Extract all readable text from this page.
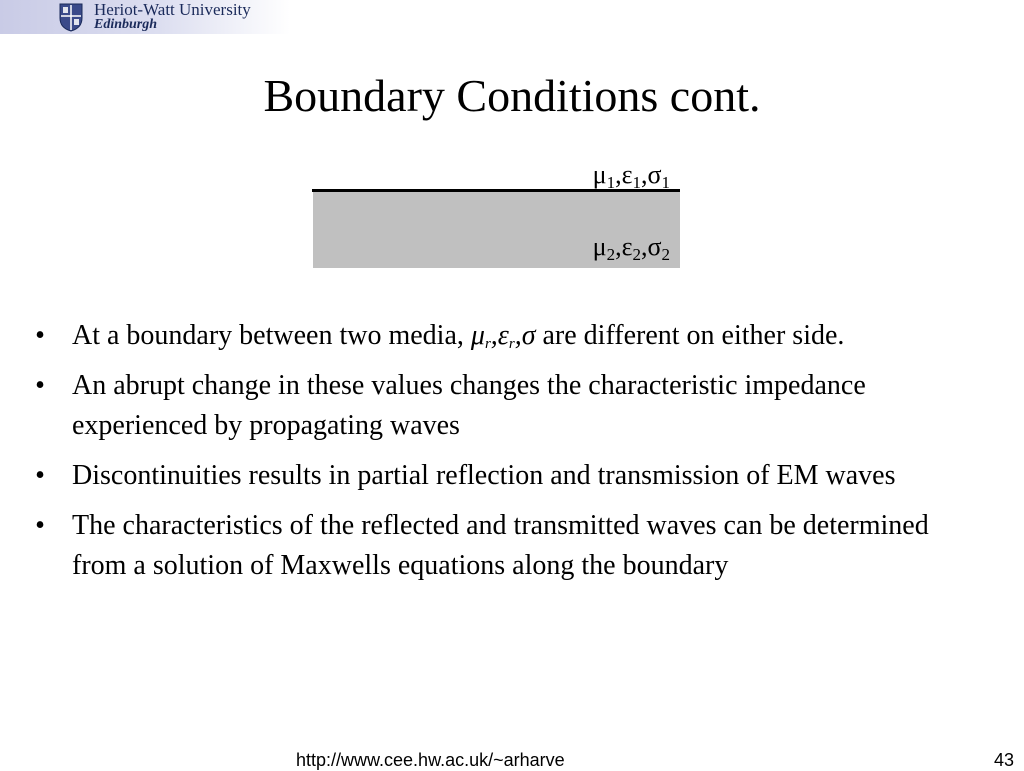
Heriot-Watt University
Edinburgh
Boundary Conditions cont.
$\mu_1,\varepsilon_1,\sigma_1$
$\mu_2,\varepsilon_2,\sigma_2$
• At a boundary between two media, $\mu_r,\varepsilon_r,\sigma$ are different on either side.
• An abrupt change in these values changes the characteristic impedance experienced by propagating waves
• Discontinuities results in partial reflection and transmission of EM waves
• The characteristics of the reflected and transmitted waves can be determined from a solution of Maxwells equations along the boundary
http://www.cee.hw.ac.uk/~arharve	43
